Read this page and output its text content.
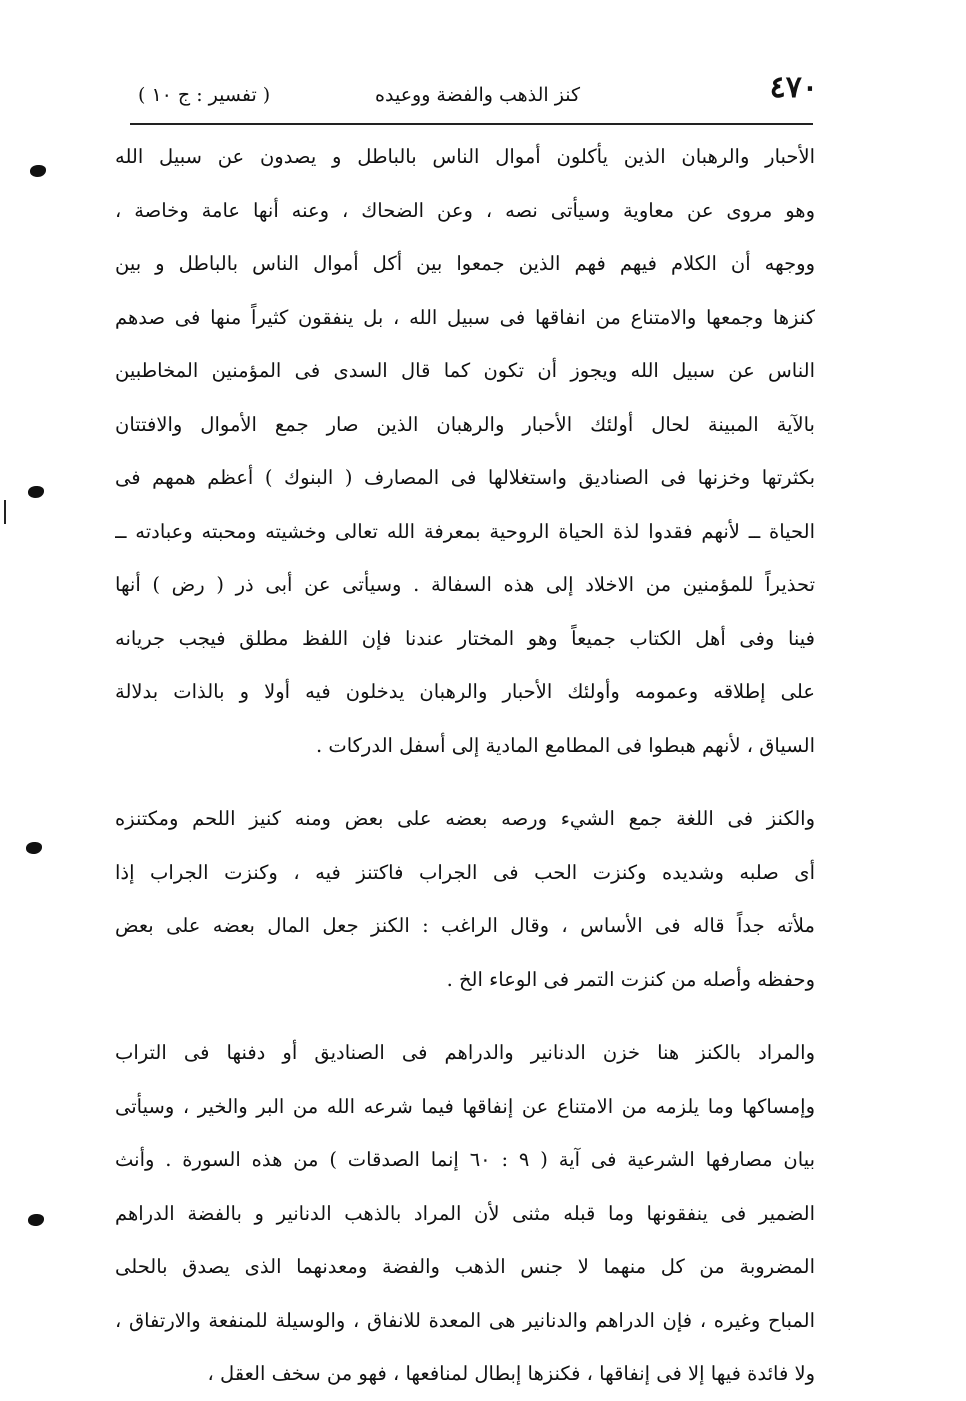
٤٧٠
كنز الذهب والفضة ووعيده
( تفسير : ج ١٠ )
الأحبار والرهبان الذين يأكلون أموال الناس بالباطل و يصدون عن سبيل الله
وهو مروى عن معاوية وسيأتى نصه ، وعن الضحاك ، وعنه أنها عامة وخاصة ،
ووجهه أن الكلام فيهم فهم الذين جمعوا بين أكل أموال الناس بالباطل و بين
كنزها وجمعها والامتناع من انفاقها فى سبيل الله ، بل ينفقون كثيراً منها فى صدهم
الناس عن سبيل الله ويجوز أن تكون كما قال السدى فى المؤمنين المخاطبين
بالآية المبينة لحال أولئك الأحبار والرهبان الذين صار جمع الأموال والافتتان
بكثرتها وخزنها فى الصناديق واستغلالها فى المصارف ( البنوك ) أعظم همهم فى
الحياة ــ لأنهم فقدوا لذة الحياة الروحية بمعرفة الله تعالى وخشيته ومحبته وعبادته ــ
تحذيراً للمؤمنين من الاخلاد إلى هذه السفالة . وسيأتى عن أبى ذر ( رض ) أنها
فينا وفى أهل الكتاب جميعاً وهو المختار عندنا فإن اللفظ مطلق فيجب جريانه
على إطلاقه وعمومه وأولئك الأحبار والرهبان يدخلون فيه أولا و بالذات بدلالة
السياق ، لأنهم هبطوا فى المطامع المادية إلى أسفل الدركات .
والكنز فى اللغة جمع الشيء ورصه بعضه على بعض ومنه كنيز اللحم ومكتنزه
أى صلبه وشديده وكنزت الحب فى الجراب فاكتنز فيه ، وكنزت الجراب إذا
ملأته جداً قاله فى الأساس ، وقال الراغب : الكنز جعل المال بعضه على بعض
وحفظه وأصله من كنزت التمر فى الوعاء الخ .
والمراد بالكنز هنا خزن الدنانير والدراهم فى الصناديق أو دفنها فى التراب
وإمساكها وما يلزمه من الامتناع عن إنفاقها فيما شرعه الله من البر والخير ، وسيأتى
بيان مصارفها الشرعية فى آية ( ٩ : ٦٠ إنما الصدقات ) من هذه السورة . وأنث
الضمير فى ينفقونها وما قبله مثنى لأن المراد بالذهب الدنانير و بالفضة الدراهم
المضروبة من كل منهما لا جنس الذهب والفضة ومعدنهما الذى يصدق بالحلى
المباح وغيره ، فإن الدراهم والدنانير هى المعدة للانفاق ، والوسيلة للمنفعة والارتفاق ،
ولا فائدة فيها إلا فى إنفاقها ، فكنزها إبطال لمنافعها ، فهو من سخف العقل ،
